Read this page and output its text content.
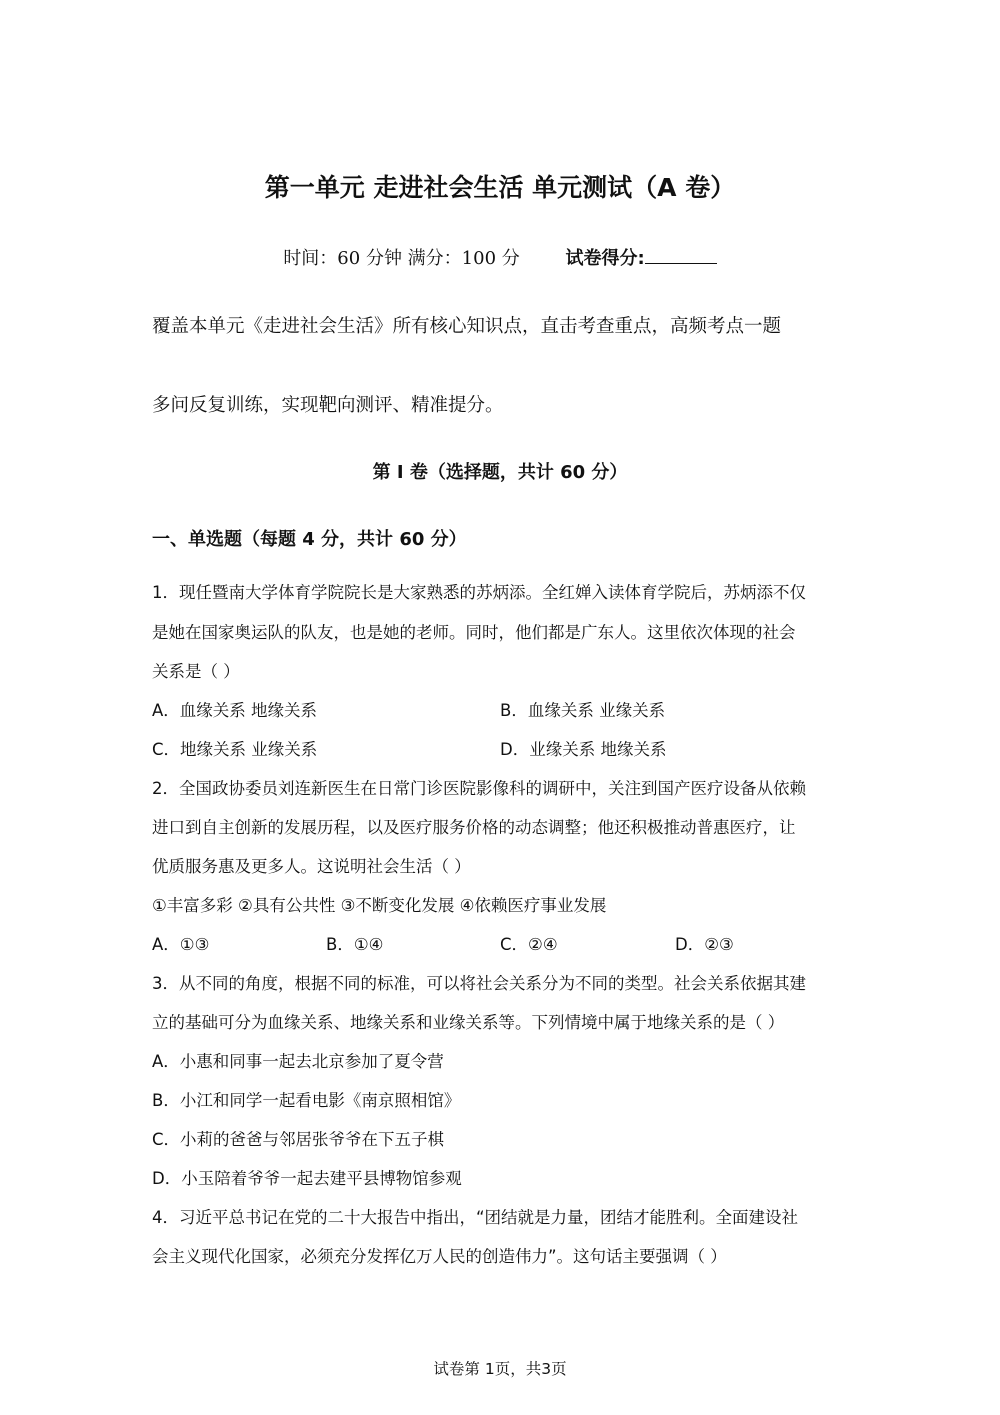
第一单元 走进社会生活 单元测试（A 卷）
时间：60 分钟 满分：100 分	试卷得分:
覆盖本单元《走进社会生活》所有核心知识点，直击考查重点，高频考点一题
多问反复训练，实现靶向测评、精准提分。
第 I 卷（选择题，共计 60 分）
一、单选题（每题 4 分，共计 60 分）
1．现任暨南大学体育学院院长是大家熟悉的苏炳添。全红婵入读体育学院后，苏炳添不仅
是她在国家奥运队的队友，也是她的老师。同时，他们都是广东人。这里依次体现的社会
关系是（ ）
A．血缘关系 地缘关系	B．血缘关系 业缘关系
C．地缘关系 业缘关系	D．业缘关系 地缘关系
2．全国政协委员刘连新医生在日常门诊医院影像科的调研中，关注到国产医疗设备从依赖
进口到自主创新的发展历程，以及医疗服务价格的动态调整；他还积极推动普惠医疗，让
优质服务惠及更多人。这说明社会生活（ ）
①丰富多彩 ②具有公共性 ③不断变化发展 ④依赖医疗事业发展
A．①③	B．①④	C．②④	D．②③
3．从不同的角度，根据不同的标准，可以将社会关系分为不同的类型。社会关系依据其建
立的基础可分为血缘关系、地缘关系和业缘关系等。下列情境中属于地缘关系的是（ ）
A．小惠和同事一起去北京参加了夏令营
B．小江和同学一起看电影《南京照相馆》
C．小莉的爸爸与邻居张爷爷在下五子棋
D．小玉陪着爷爷一起去建平县博物馆参观
4．习近平总书记在党的二十大报告中指出，“团结就是力量，团结才能胜利。全面建设社
会主义现代化国家，必须充分发挥亿万人民的创造伟力”。这句话主要强调（ ）
试卷第 1页，共3页
